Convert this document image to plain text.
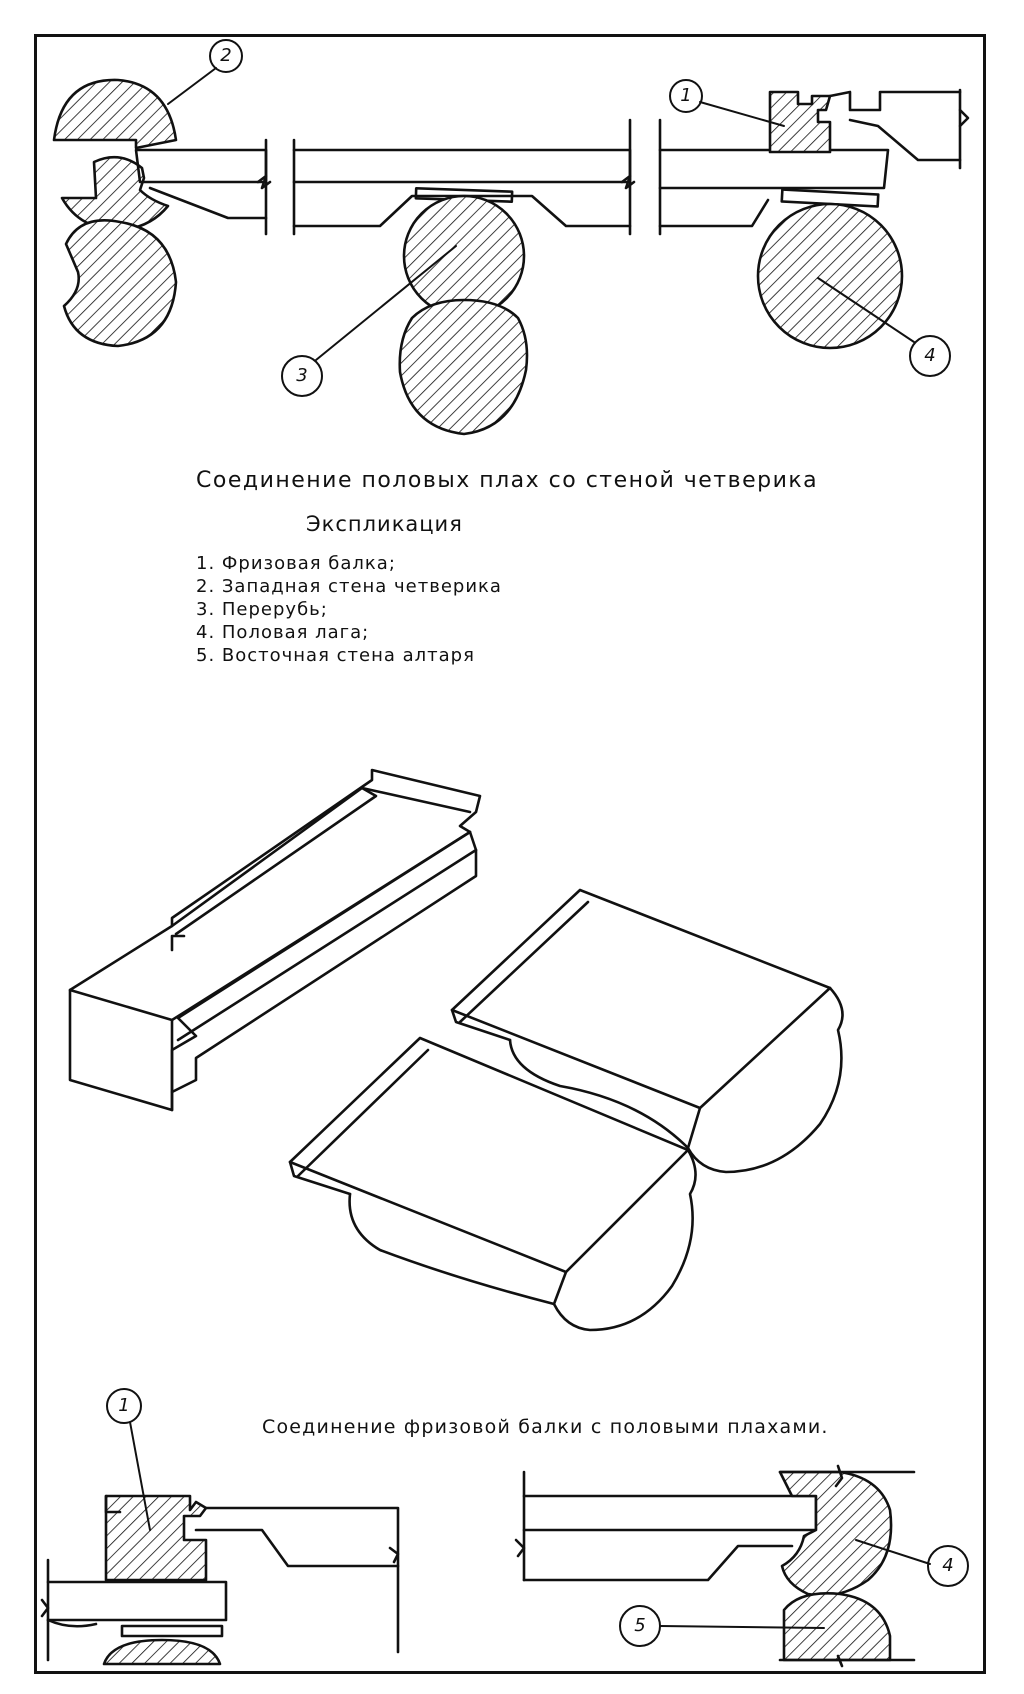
2
1
3
4
1
4
5
Соединение половых плах со стеной четверика
Экспликация
1. Фризовая балка;
2. Западная стена четверика
3. Перерубь;
4. Половая лага;
5. Восточная стена алтаря
Соединение фризовой балки с половыми плахами.
